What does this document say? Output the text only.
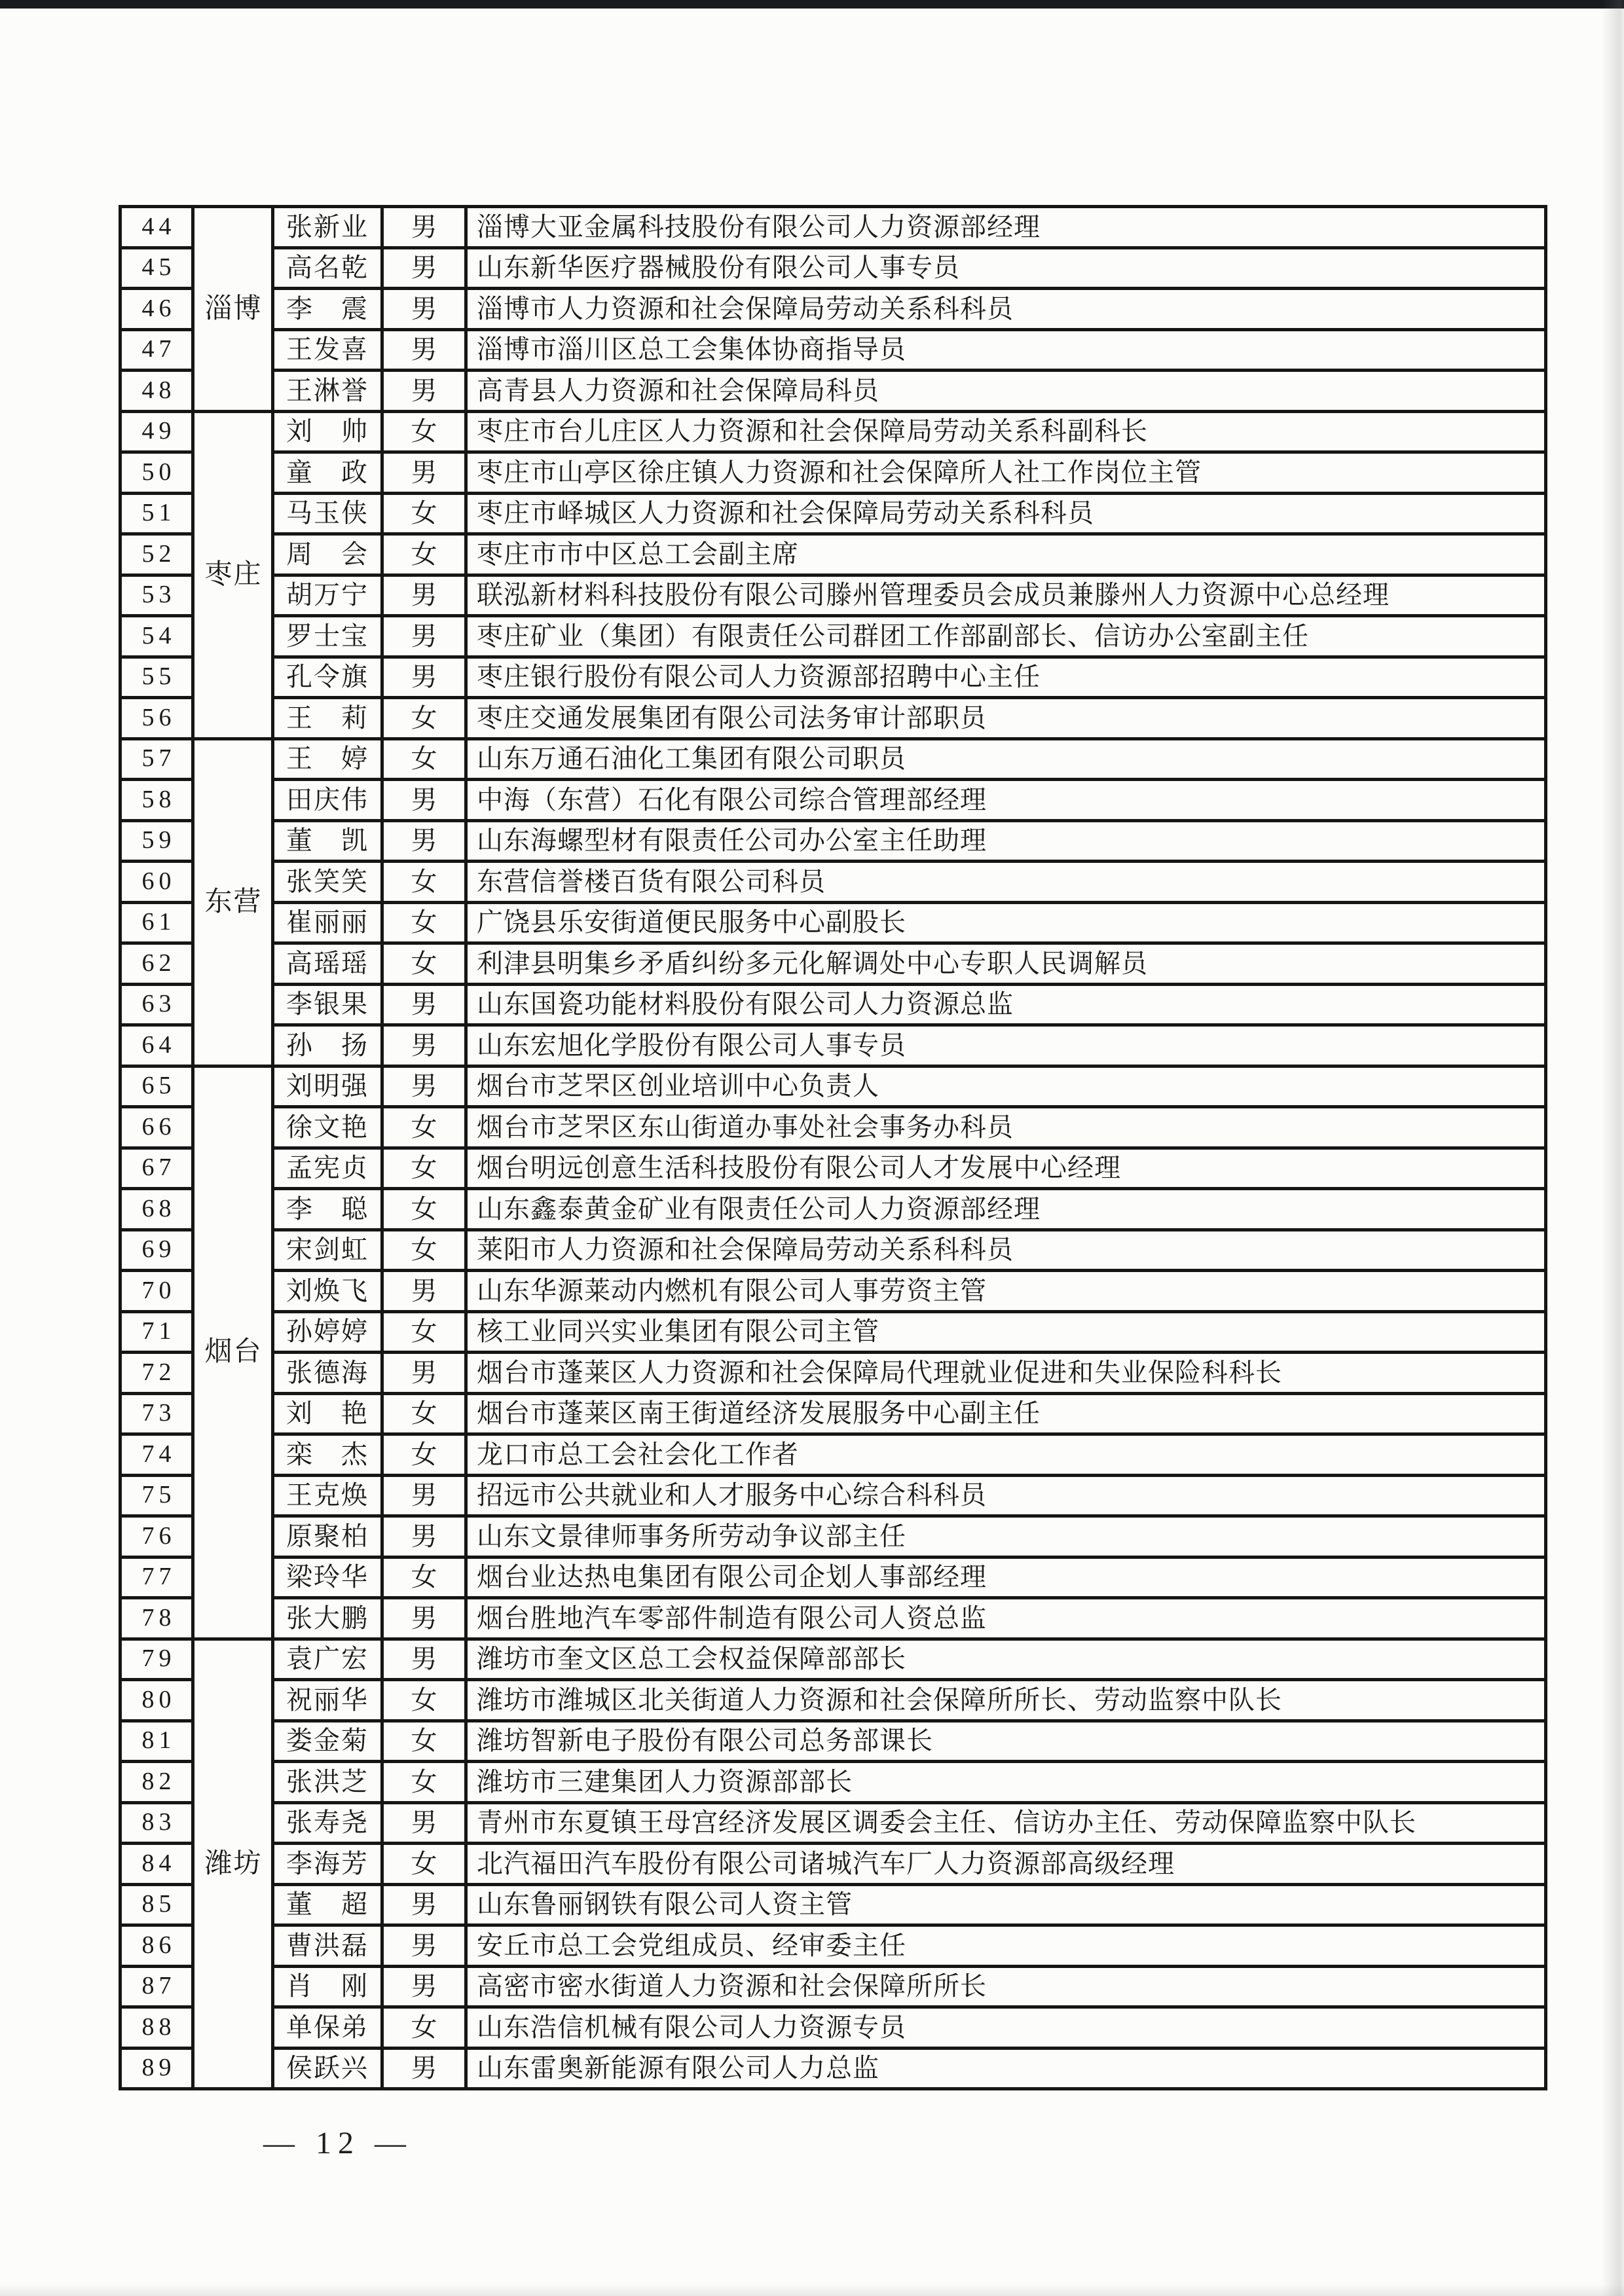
44	淄博	张新业	男	淄博大亚金属科技股份有限公司人力资源部经理
45		高名乾	男	山东新华医疗器械股份有限公司人事专员
46		李　震	男	淄博市人力资源和社会保障局劳动关系科科员
47		王发喜	男	淄博市淄川区总工会集体协商指导员
48		王淋誉	男	高青县人力资源和社会保障局科员
49	枣庄	刘　帅	女	枣庄市台儿庄区人力资源和社会保障局劳动关系科副科长
50		童　政	男	枣庄市山亭区徐庄镇人力资源和社会保障所人社工作岗位主管
51		马玉侠	女	枣庄市峄城区人力资源和社会保障局劳动关系科科员
52		周　会	女	枣庄市市中区总工会副主席
53		胡万宁	男	联泓新材料科技股份有限公司滕州管理委员会成员兼滕州人力资源中心总经理
54		罗士宝	男	枣庄矿业（集团）有限责任公司群团工作部副部长、信访办公室副主任
55		孔令旗	男	枣庄银行股份有限公司人力资源部招聘中心主任
56		王　莉	女	枣庄交通发展集团有限公司法务审计部职员
57	东营	王　婷	女	山东万通石油化工集团有限公司职员
58		田庆伟	男	中海（东营）石化有限公司综合管理部经理
59		董　凯	男	山东海螺型材有限责任公司办公室主任助理
60		张笑笑	女	东营信誉楼百货有限公司科员
61		崔丽丽	女	广饶县乐安街道便民服务中心副股长
62		高瑶瑶	女	利津县明集乡矛盾纠纷多元化解调处中心专职人民调解员
63		李银果	男	山东国瓷功能材料股份有限公司人力资源总监
64		孙　扬	男	山东宏旭化学股份有限公司人事专员
65	烟台	刘明强	男	烟台市芝罘区创业培训中心负责人
66		徐文艳	女	烟台市芝罘区东山街道办事处社会事务办科员
67		孟宪贞	女	烟台明远创意生活科技股份有限公司人才发展中心经理
68		李　聪	女	山东鑫泰黄金矿业有限责任公司人力资源部经理
69		宋剑虹	女	莱阳市人力资源和社会保障局劳动关系科科员
70		刘焕飞	男	山东华源莱动内燃机有限公司人事劳资主管
71		孙婷婷	女	核工业同兴实业集团有限公司主管
72		张德海	男	烟台市蓬莱区人力资源和社会保障局代理就业促进和失业保险科科长
73		刘　艳	女	烟台市蓬莱区南王街道经济发展服务中心副主任
74		栾　杰	女	龙口市总工会社会化工作者
75		王克焕	男	招远市公共就业和人才服务中心综合科科员
76		原聚柏	男	山东文景律师事务所劳动争议部主任
77		梁玲华	女	烟台业达热电集团有限公司企划人事部经理
78		张大鹏	男	烟台胜地汽车零部件制造有限公司人资总监
79	潍坊	袁广宏	男	潍坊市奎文区总工会权益保障部部长
80		祝丽华	女	潍坊市潍城区北关街道人力资源和社会保障所所长、劳动监察中队长
81		娄金菊	女	潍坊智新电子股份有限公司总务部课长
82		张洪芝	女	潍坊市三建集团人力资源部部长
83		张寿尧	男	青州市东夏镇王母宫经济发展区调委会主任、信访办主任、劳动保障监察中队长
84		李海芳	女	北汽福田汽车股份有限公司诸城汽车厂人力资源部高级经理
85		董　超	男	山东鲁丽钢铁有限公司人资主管
86		曹洪磊	男	安丘市总工会党组成员、经审委主任
87		肖　刚	男	高密市密水街道人力资源和社会保障所所长
88		单保弟	女	山东浩信机械有限公司人力资源专员
89		侯跃兴	男	山东雷奥新能源有限公司人力总监
— 12 —
